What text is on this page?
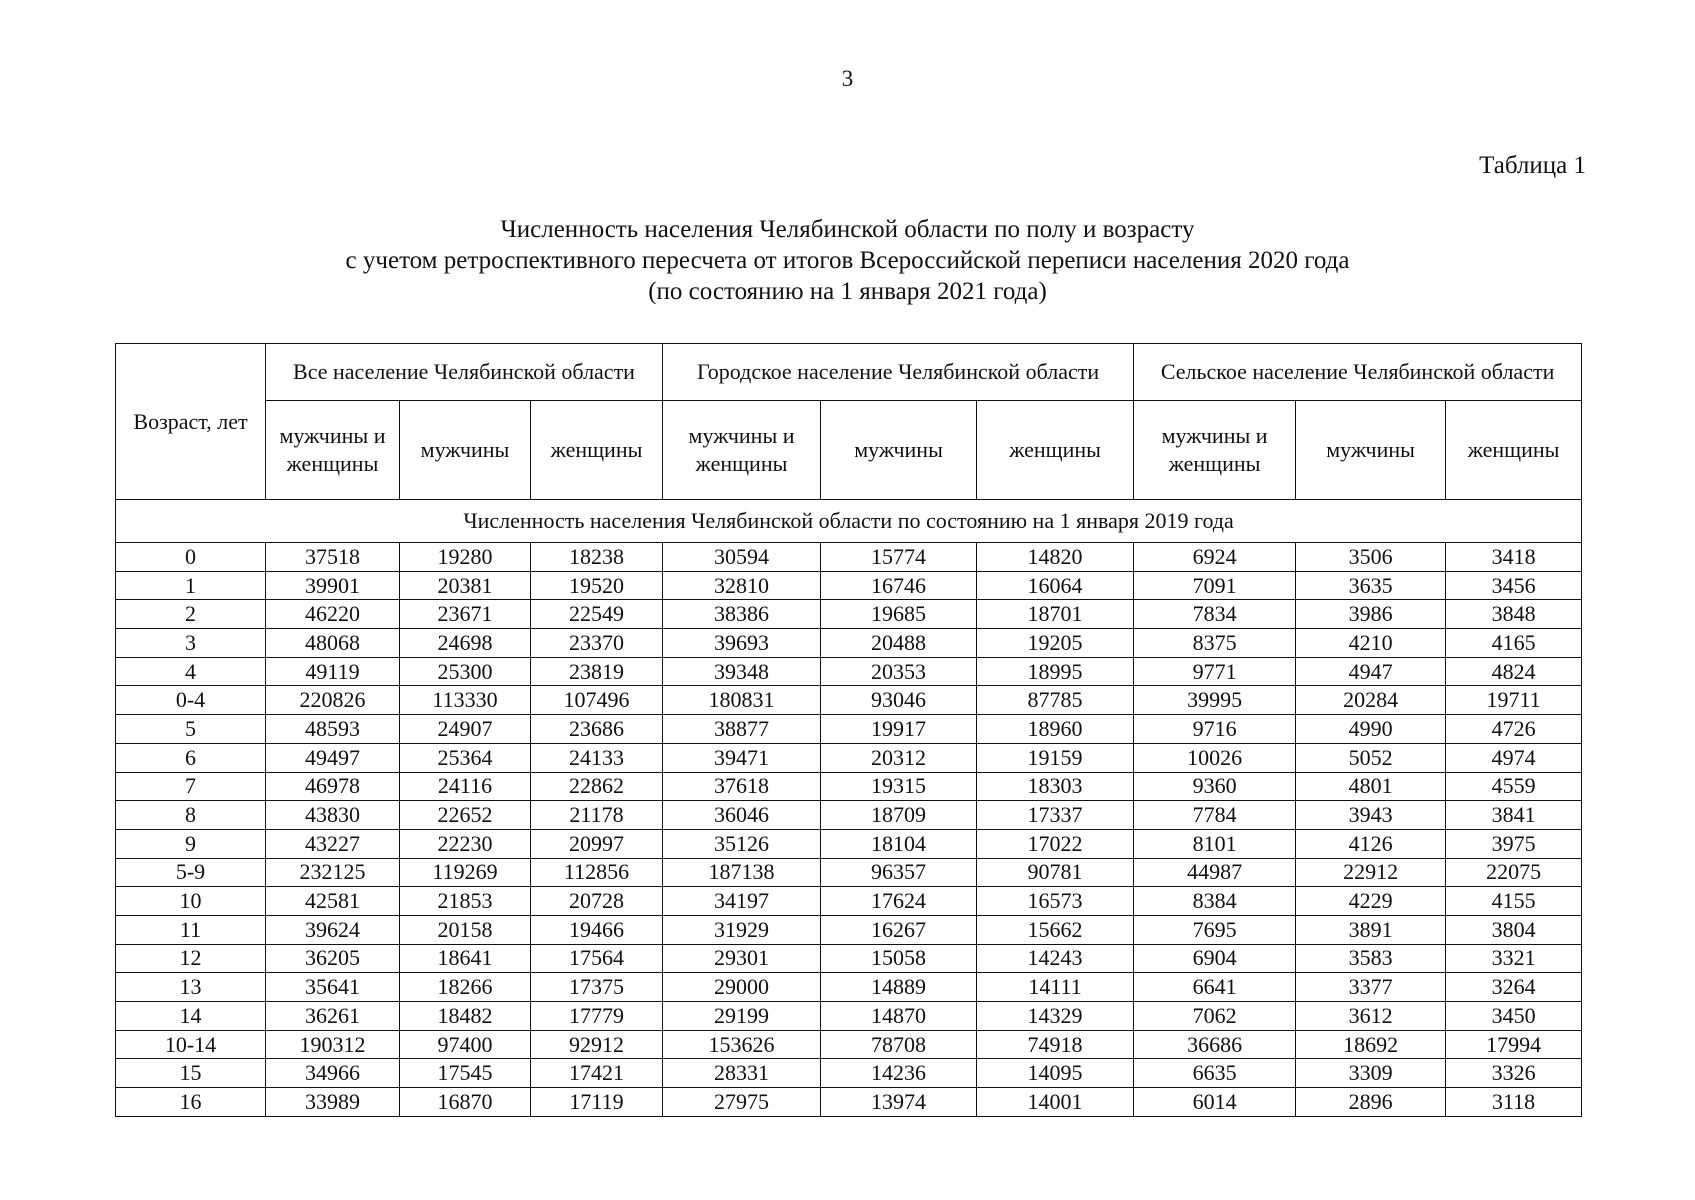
3
Таблица 1
Численность населения Челябинской области по полу и возрасту
с учетом ретроспективного пересчета от итогов Всероссийской переписи населения 2020 года
(по состоянию на 1 января 2021 года)
Возраст, лет	Все население Челябинской области			Городское население Челябинской области			Сельское население Челябинской области		
	мужчины и женщины	мужчины	женщины	мужчины и женщины	мужчины	женщины	мужчины и женщины	мужчины	женщины
Численность населения Челябинской области по состоянию на 1 января 2019 года									
0	37518	19280	18238	30594	15774	14820	6924	3506	3418
1	39901	20381	19520	32810	16746	16064	7091	3635	3456
2	46220	23671	22549	38386	19685	18701	7834	3986	3848
3	48068	24698	23370	39693	20488	19205	8375	4210	4165
4	49119	25300	23819	39348	20353	18995	9771	4947	4824
0-4	220826	113330	107496	180831	93046	87785	39995	20284	19711
5	48593	24907	23686	38877	19917	18960	9716	4990	4726
6	49497	25364	24133	39471	20312	19159	10026	5052	4974
7	46978	24116	22862	37618	19315	18303	9360	4801	4559
8	43830	22652	21178	36046	18709	17337	7784	3943	3841
9	43227	22230	20997	35126	18104	17022	8101	4126	3975
5-9	232125	119269	112856	187138	96357	90781	44987	22912	22075
10	42581	21853	20728	34197	17624	16573	8384	4229	4155
11	39624	20158	19466	31929	16267	15662	7695	3891	3804
12	36205	18641	17564	29301	15058	14243	6904	3583	3321
13	35641	18266	17375	29000	14889	14111	6641	3377	3264
14	36261	18482	17779	29199	14870	14329	7062	3612	3450
10-14	190312	97400	92912	153626	78708	74918	36686	18692	17994
15	34966	17545	17421	28331	14236	14095	6635	3309	3326
16	33989	16870	17119	27975	13974	14001	6014	2896	3118
